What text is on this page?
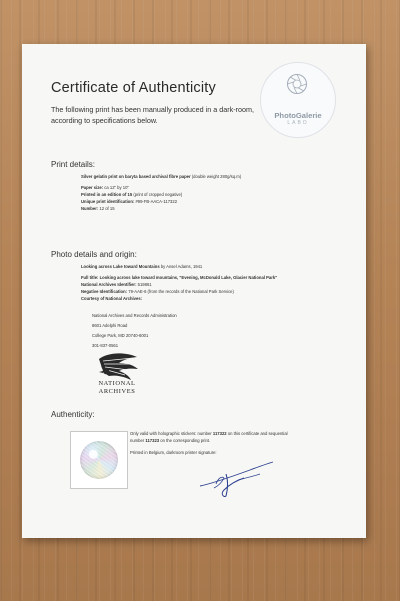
Certificate of Authenticity
The following print has been manually produced in a dark-room, according to specifications below.
PhotoGalerie
LABO
Print details:
Silver gelatin print on baryta based archival fibre paper (double weight 280g/sq.m)
Paper size: ca 12" by 10"
Printed in an edition of 15 (print of cropped negative)
Unique print identification: #99-FB-AACA-117322
Number: 12 of 15
Photo details and origin:
Looking across Lake toward Mountains by Ansel Adams, 1941
Full title: Looking across lake toward mountains, "Evening, McDonald Lake, Glacier National Park"
National Archives Identifier: 519861
Negative Identification: 79-AAE-6 (from the records of the National Park Service)
Courtesy of National Archives:
National Archives and Records Administration
8601 Adelphi Road
College Park, MD 20740-6001
301-837-0561
NATIONAL
ARCHIVES
Authenticity:
Only valid with holographic stickers: number 117322 on this certificate and sequential
number 117323 on the corresponding print.
Printed in Belgium, darkroom printer signature:
